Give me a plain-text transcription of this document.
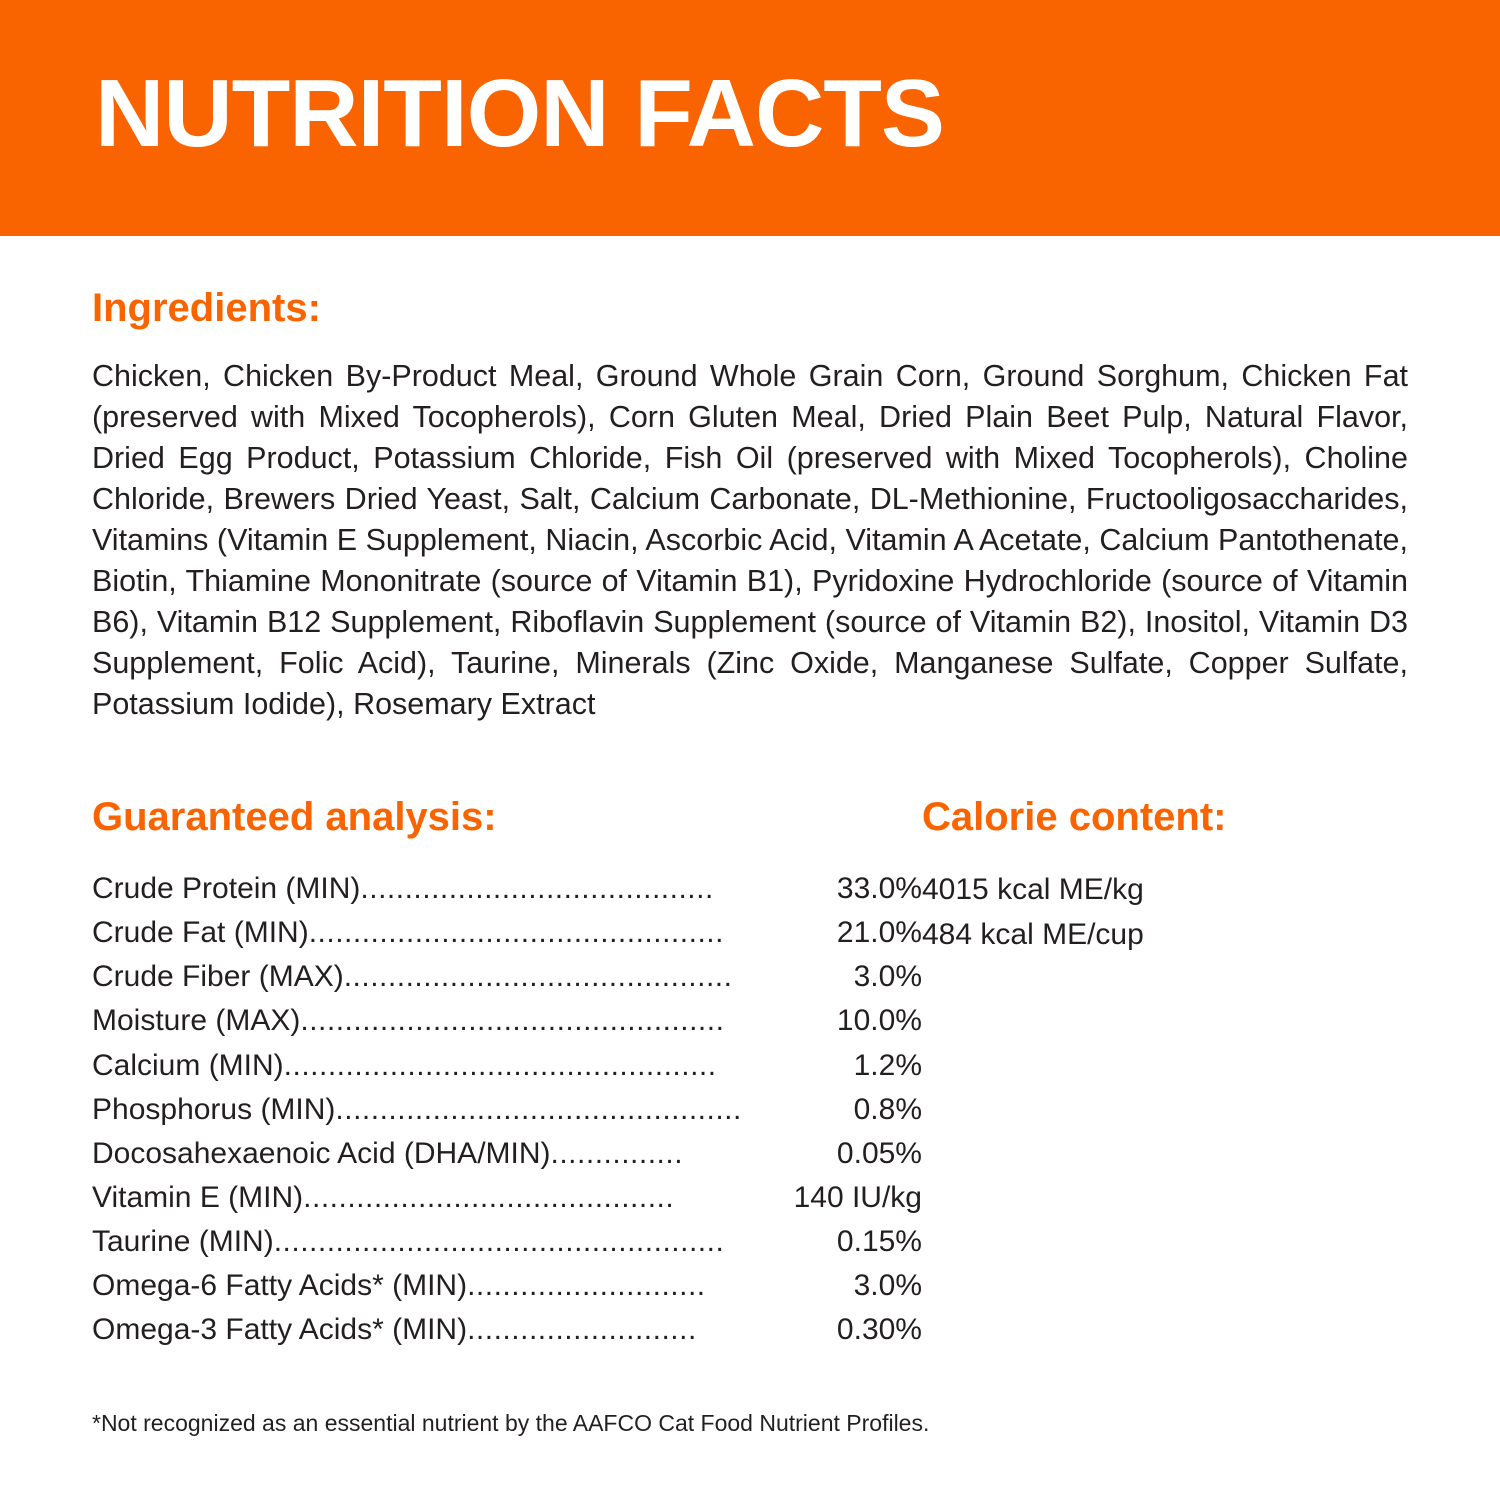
NUTRITION FACTS
Ingredients:

Chicken, Chicken By-Product Meal, Ground Whole Grain Corn, Ground Sorghum, Chicken Fat (preserved with Mixed Tocopherols), Corn Gluten Meal, Dried Plain Beet Pulp, Natural Flavor, Dried Egg Product, Potassium Chloride, Fish Oil (preserved with Mixed Tocopherols), Choline Chloride, Brewers Dried Yeast, Salt, Calcium Carbonate, DL-Methionine, Fructooligosaccharides, Vitamins (Vitamin E Supplement, Niacin, Ascorbic Acid, Vitamin A Acetate, Calcium Pantothenate, Biotin, Thiamine Mononitrate (source of Vitamin B1), Pyridoxine Hydrochloride (source of Vitamin B6), Vitamin B12 Supplement, Riboflavin Supplement (source of Vitamin B2), Inositol, Vitamin D3 Supplement, Folic Acid), Taurine, Minerals (Zinc Oxide, Manganese Sulfate, Copper Sulfate, Potassium Iodide), Rosemary Extract

Guaranteed analysis:
Crude Protein (MIN) ........................................	33.0%
Crude Fat (MIN) ...............................................	21.0%
Crude Fiber (MAX) ............................................	3.0%
Moisture (MAX) ................................................	10.0%
Calcium (MIN) .................................................	1.2%
Phosphorus (MIN) ..............................................	0.8%
Docosahexaenoic Acid (DHA/MIN) ...............	0.05%
Vitamin E (MIN) ..........................................	140 IU/kg
Taurine (MIN) ...................................................	0.15%
Omega-6 Fatty Acids* (MIN) ...........................	3.0%
Omega-3 Fatty Acids* (MIN) ..........................	0.30%
Calorie content:
4015 kcal ME/kg
484 kcal ME/cup
*Not recognized as an essential nutrient by the AAFCO Cat Food Nutrient Profiles.
